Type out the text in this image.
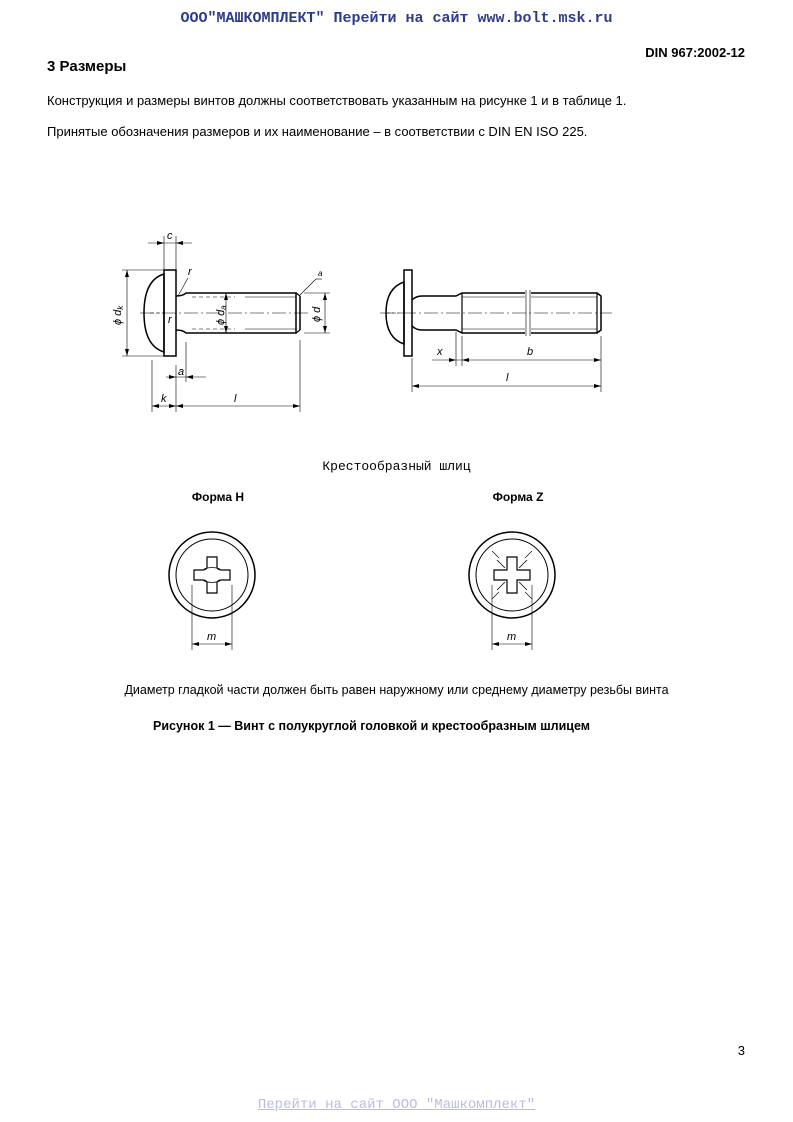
ООО"МАШКОМПЛЕКТ" Перейти на сайт www.bolt.msk.ru
DIN 967:2002-12
3 Размеры
Конструкция и размеры винтов должны соответствовать указанным на рисунке 1 и в таблице 1.
Принятые обозначения размеров и их наименование – в соответствии с DIN EN ISO 225.
c
r
r
a
ϕ dk
ϕ da	ϕ d
a
k	l
x	b
l
m	m
Крестообразный шлиц
Форма H	Форма Z
Диаметр гладкой части должен быть равен наружному или среднему диаметру резьбы винта
Рисунок 1 — Винт с полукруглой головкой и крестообразным шлицем
3
Перейти на сайт ООО "Машкомплект"
